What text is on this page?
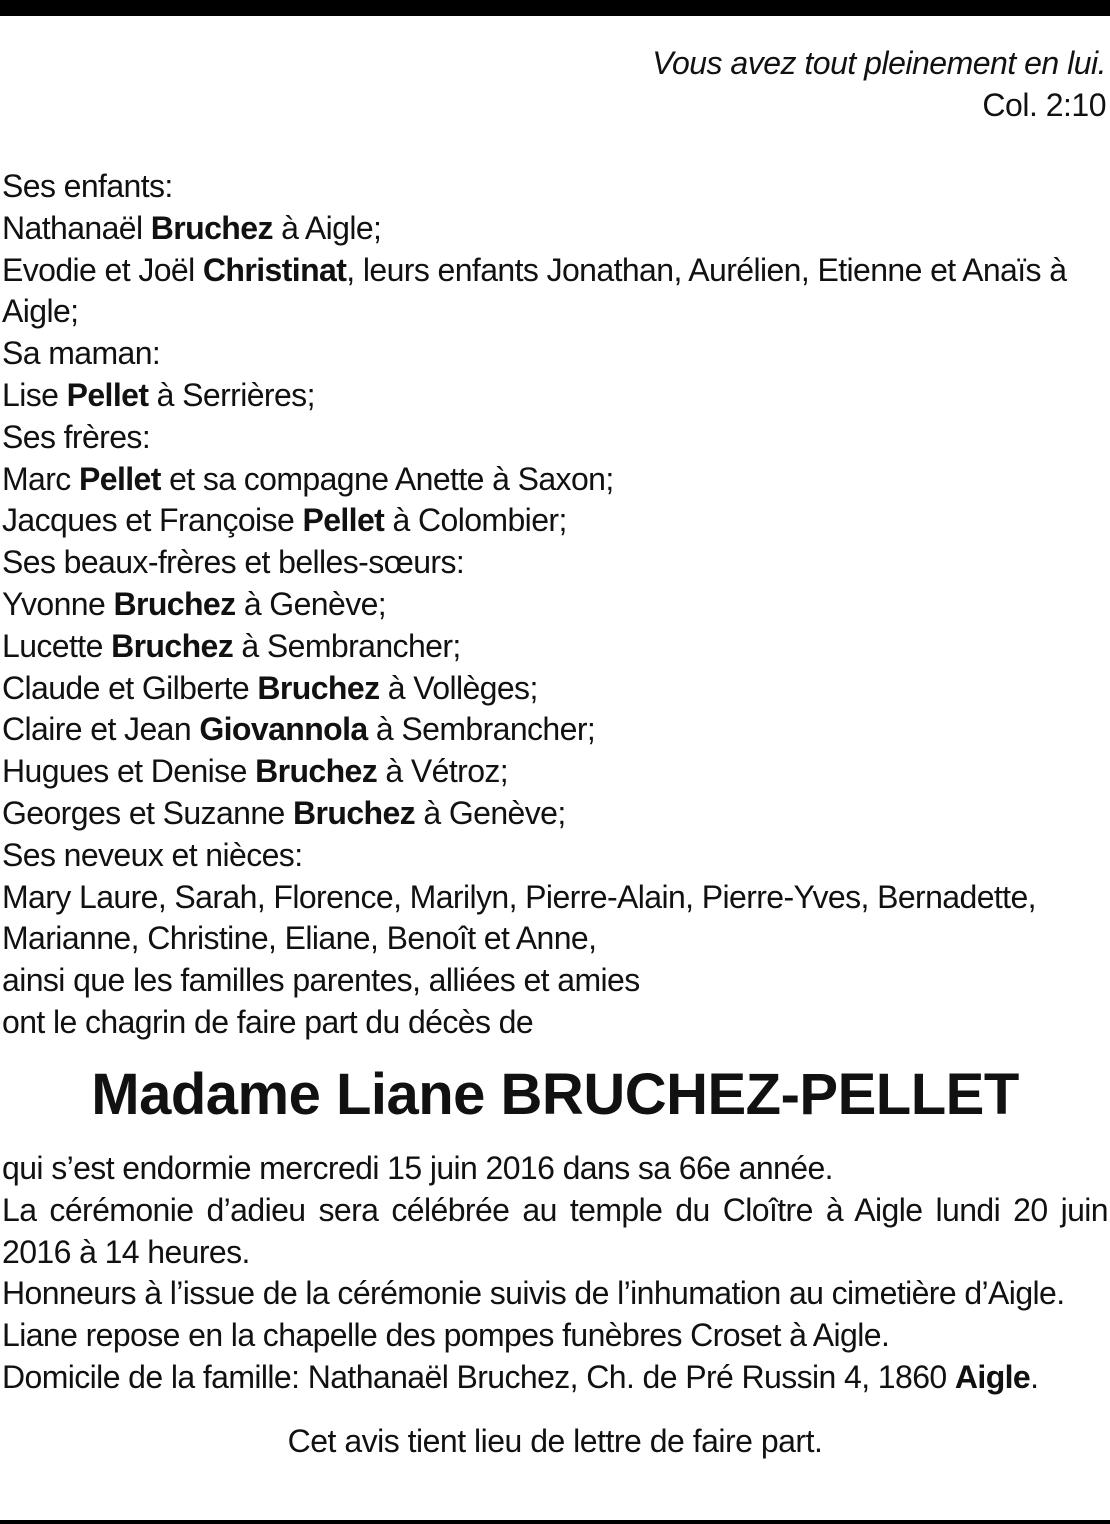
Vous avez tout pleinement en lui.
Col. 2:10
Ses enfants:
Nathanaël Bruchez à Aigle;
Evodie et Joël Christinat, leurs enfants Jonathan, Aurélien, Etienne et Anaïs à Aigle;
Sa maman:
Lise Pellet à Serrières;
Ses frères:
Marc Pellet et sa compagne Anette à Saxon;
Jacques et Françoise Pellet à Colombier;
Ses beaux-frères et belles-sœurs:
Yvonne Bruchez à Genève;
Lucette Bruchez à Sembrancher;
Claude et Gilberte Bruchez à Vollèges;
Claire et Jean Giovannola à Sembrancher;
Hugues et Denise Bruchez à Vétroz;
Georges et Suzanne Bruchez à Genève;
Ses neveux et nièces:
Mary Laure, Sarah, Florence, Marilyn, Pierre-Alain, Pierre-Yves, Bernadette, Marianne, Christine, Eliane, Benoît et Anne,
ainsi que les familles parentes, alliées et amies
ont le chagrin de faire part du décès de
Madame Liane BRUCHEZ-PELLET
qui s’est endormie mercredi 15 juin 2016 dans sa 66e année.
La cérémonie d’adieu sera célébrée au temple du Cloître à Aigle lundi 20 juin 2016 à 14 heures.
Honneurs à l’issue de la cérémonie suivis de l’inhumation au cimetière d’Aigle.
Liane repose en la chapelle des pompes funèbres Croset à Aigle.
Domicile de la famille: Nathanaël Bruchez, Ch. de Pré Russin 4, 1860 Aigle.
Cet avis tient lieu de lettre de faire part.
